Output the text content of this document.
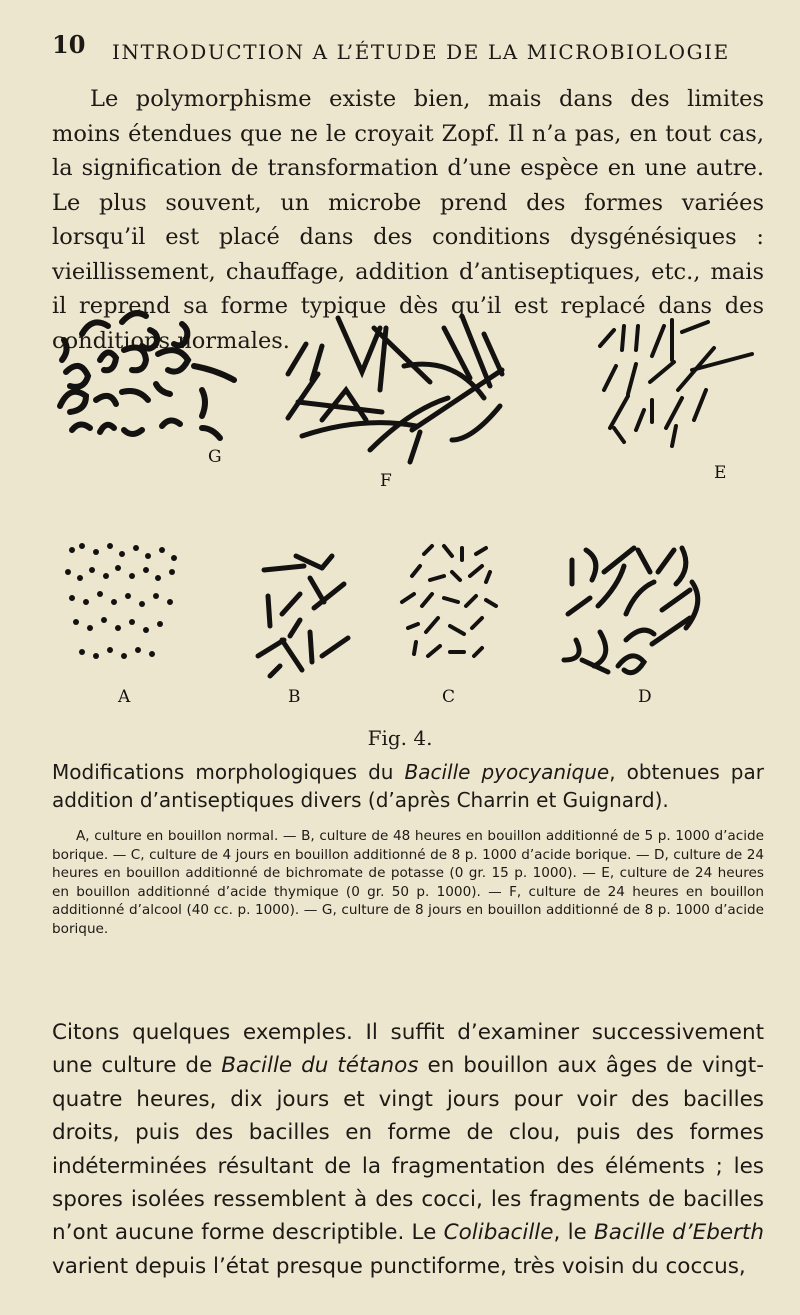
10 INTRODUCTION A L’ÉTUDE DE LA MICROBIOLOGIE

Le polymorphisme existe bien, mais dans des limites moins étendues que ne le croyait Zopf. Il n’a pas, en tout cas, la signification de transformation d’une espèce en une autre. Le plus souvent, un microbe prend des formes variées lorsqu’il est placé dans des conditions dysgénésiques : vieillissement, chauffage, addition d’antiseptiques, etc., mais il reprend sa forme typique dès qu’il est replacé dans des conditions normales.

G
F	E
A	B	C	D
Fig. 4.

Modifications morphologiques du Bacille pyocyanique, obtenues par addition d’antiseptiques divers (d’après Charrin et Guignard).

A, culture en bouillon normal. — B, culture de 48 heures en bouillon additionné de 5 p. 1000 d’acide borique. — C, culture de 4 jours en bouillon additionné de 8 p. 1000 d’acide borique. — D, culture de 24 heures en bouillon additionné de bichromate de potasse (0 gr. 15 p. 1000). — E, culture de 24 heures en bouillon additionné d’acide thymique (0 gr. 50 p. 1000). — F, culture de 24 heures en bouillon additionné d’alcool (40 cc. p. 1000). — G, culture de 8 jours en bouillon additionné de 8 p. 1000 d’acide borique.

Citons quelques exemples. Il suffit d’examiner successivement une culture de Bacille du tétanos en bouillon aux âges de vingt-quatre heures, dix jours et vingt jours pour voir des bacilles droits, puis des bacilles en forme de clou, puis des formes indéterminées résultant de la fragmentation des éléments ; les spores isolées ressemblent à des cocci, les fragments de bacilles n’ont aucune forme descriptible. Le Colibacille, le Bacille d’Eberth varient depuis l’état presque punctiforme, très voisin du coccus,
